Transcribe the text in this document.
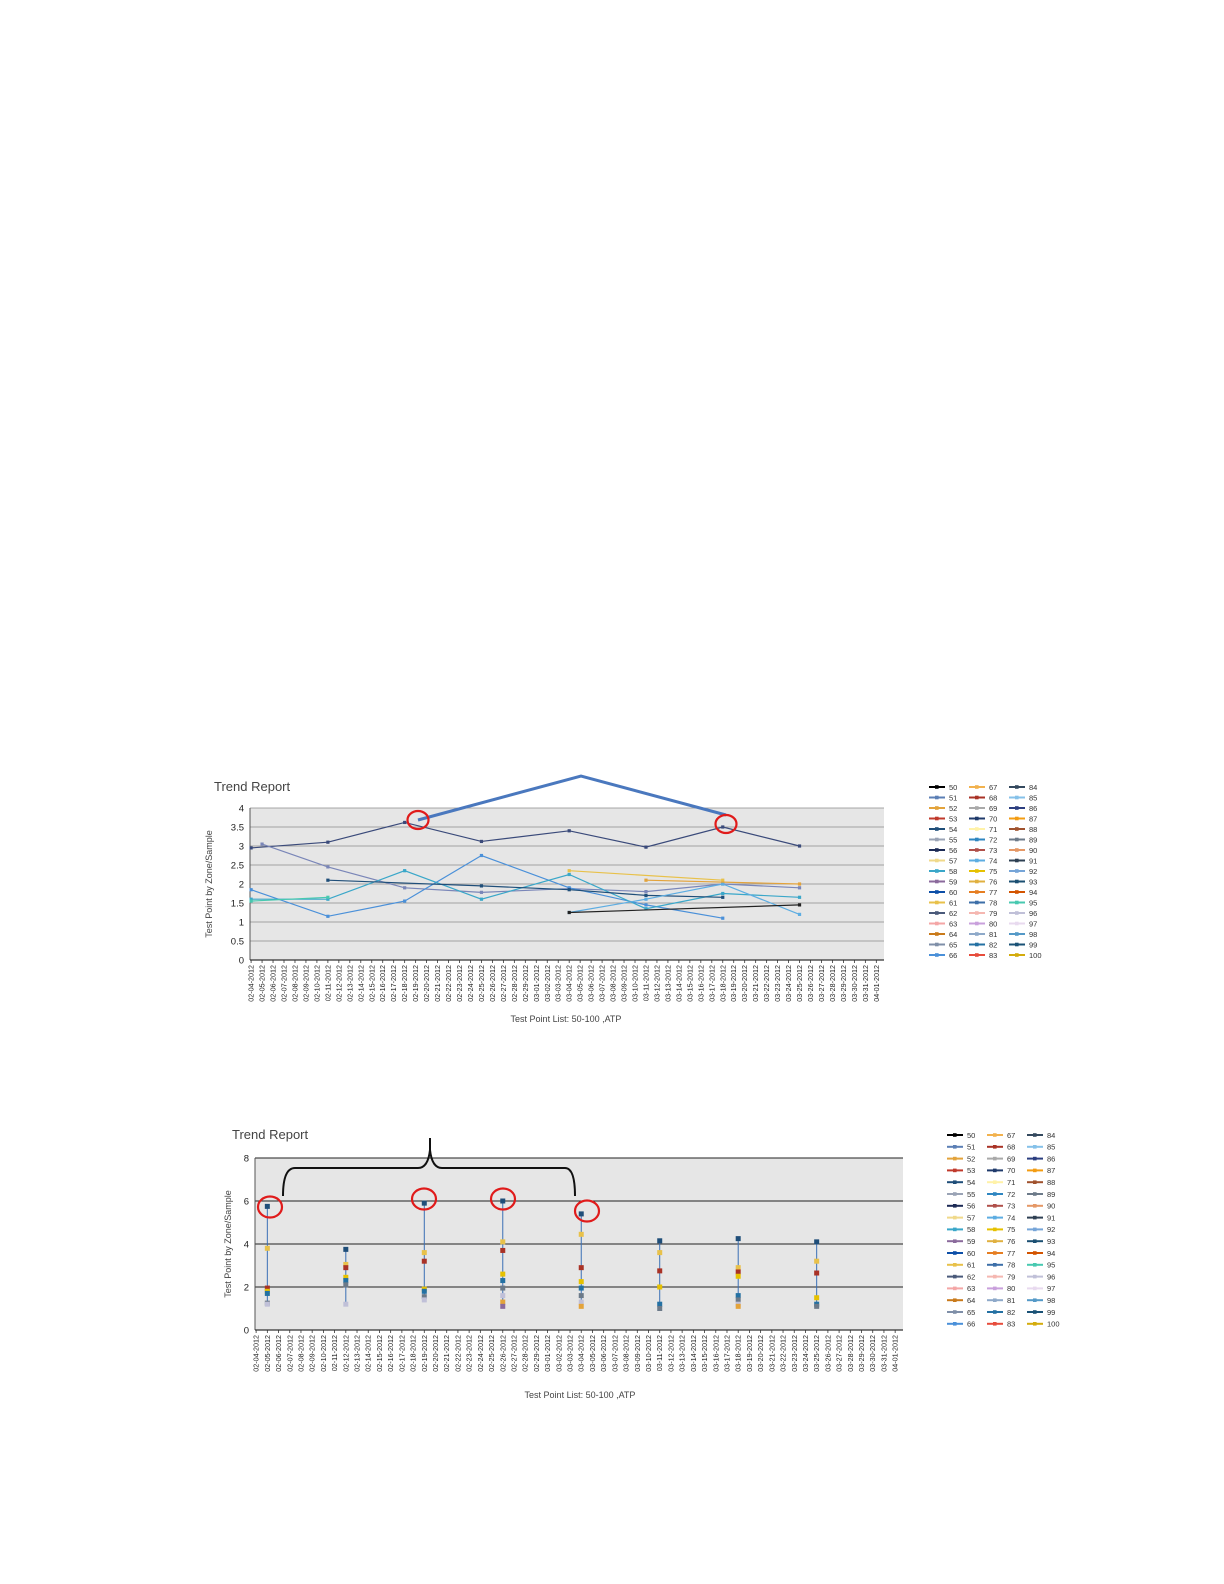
Trend Report
0
0.5
1
1.5
2
2.5
3
3.5
4
02-04-2012 02-05-2012 02-06-2012 02-07-2012 02-08-2012 02-09-2012 02-10-2012 02-11-2012 02-12-2012 02-13-2012 02-14-2012 02-15-2012 02-16-2012 02-17-2012 02-18-2012 02-19-2012 02-20-2012 02-21-2012 02-22-2012 02-23-2012 02-24-2012 02-25-2012 02-26-2012 02-27-2012 02-28-2012 02-29-2012 03-01-2012 03-02-2012 03-03-2012 03-04-2012 03-05-2012 03-06-2012 03-07-2012 03-08-2012 03-09-2012 03-10-2012 03-11-2012 03-12-2012 03-13-2012 03-14-2012 03-15-2012 03-16-2012 03-17-2012 03-18-2012 03-19-2012 03-20-2012 03-21-2012 03-22-2012 03-23-2012 03-24-2012 03-25-2012 03-26-2012 03-27-2012 03-28-2012 03-29-2012 03-30-2012 03-31-2012 04-01-2012
Test Point by Zone/Sample
Test Point List: 50-100 ,ATP
50
51
52
53
54
55
56
57
58
59
60
61
62
63
64
65
66
67
68
69
70
71
72
73
74
75
76
77
78
79
80
81
82
83
84
85
86
87
88
89
90
91
92
93
94
95
96
97
98
99
100
Trend Report
0
2
4
6
8
02-04-2012 02-05-2012 02-06-2012 02-07-2012 02-08-2012 02-09-2012 02-10-2012 02-11-2012 02-12-2012 02-13-2012 02-14-2012 02-15-2012 02-16-2012 02-17-2012 02-18-2012 02-19-2012 02-20-2012 02-21-2012 02-22-2012 02-23-2012 02-24-2012 02-25-2012 02-26-2012 02-27-2012 02-28-2012 02-29-2012 03-01-2012 03-02-2012 03-03-2012 03-04-2012 03-05-2012 03-06-2012 03-07-2012 03-08-2012 03-09-2012 03-10-2012 03-11-2012 03-12-2012 03-13-2012 03-14-2012 03-15-2012 03-16-2012 03-17-2012 03-18-2012 03-19-2012 03-20-2012 03-21-2012 03-22-2012 03-23-2012 03-24-2012 03-25-2012 03-26-2012 03-27-2012 03-28-2012 03-29-2012 03-30-2012 03-31-2012 04-01-2012
Test Point by Zone/Sample
Test Point List: 50-100 ,ATP
50
51
52
53
54
55
56
57
58
59
60
61
62
63
64
65
66
67
68
69
70
71
72
73
74
75
76
77
78
79
80
81
82
83
84
85
86
87
88
89
90
91
92
93
94
95
96
97
98
99
100
